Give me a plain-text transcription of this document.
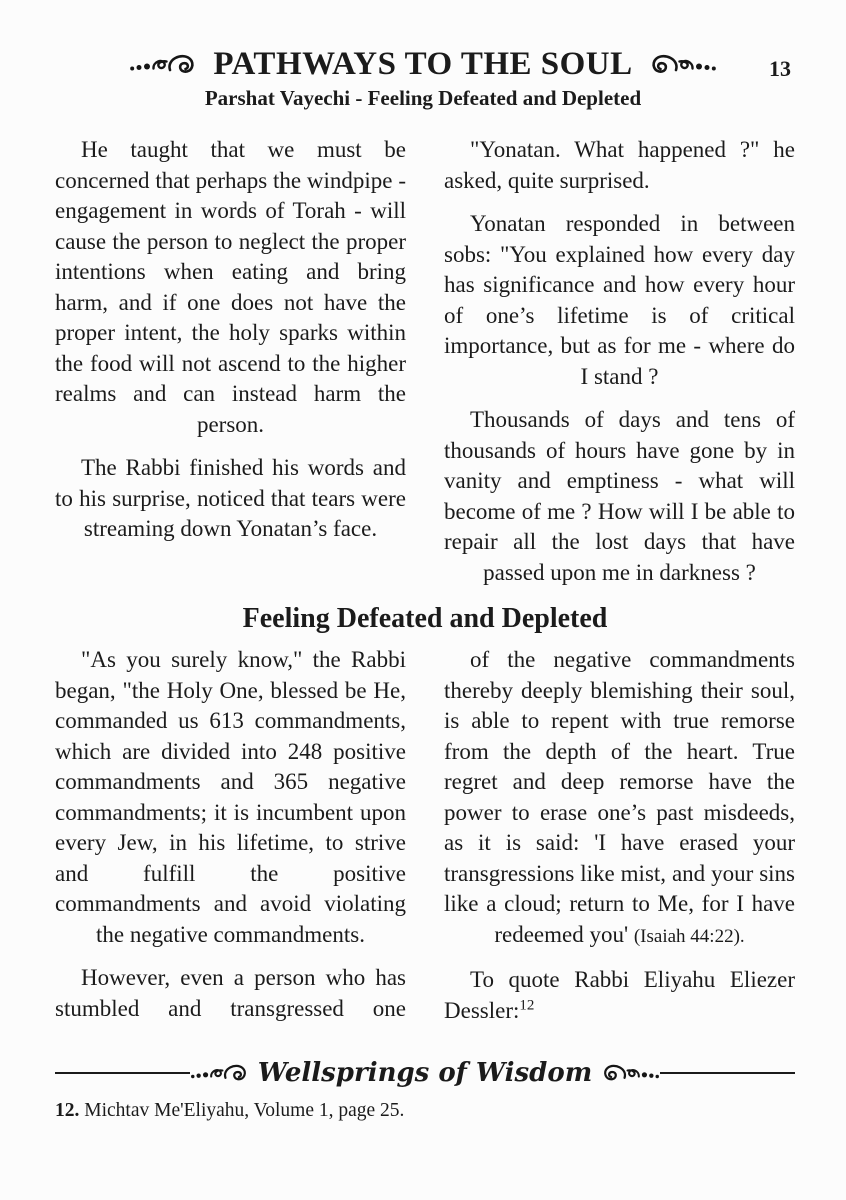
13
PATHWAYS TO THE SOUL
Parshat Vayechi - Feeling Defeated and Depleted

He taught that we must be concerned that perhaps the windpipe - engagement in words of Torah - will cause the person to neglect the proper intentions when eating and bring harm, and if one does not have the proper intent, the holy sparks within the food will not ascend to the higher realms and can instead harm the person.

The Rabbi finished his words and to his surprise, noticed that tears were streaming down Yonatan’s face.

"Yonatan. What happened ?" he asked, quite surprised.

Yonatan responded in between sobs: "You explained how every day has significance and how every hour of one’s lifetime is of critical importance, but as for me - where do I stand ?

Thousands of days and tens of thousands of hours have gone by in vanity and emptiness - what will become of me ? How will I be able to repair all the lost days that have passed upon me in darkness ?

Feeling Defeated and Depleted

"As you surely know," the Rabbi began, "the Holy One, blessed be He, commanded us 613 commandments, which are divided into 248 positive commandments and 365 negative commandments; it is incumbent upon every Jew, in his lifetime, to strive and fulfill the positive commandments and avoid violating the negative commandments.

However, even a person who has stumbled and transgressed one

of the negative commandments thereby deeply blemishing their soul, is able to repent with true remorse from the depth of the heart. True regret and deep remorse have the power to erase one’s past misdeeds, as it is said: 'I have erased your transgressions like mist, and your sins like a cloud; return to Me, for I have redeemed you' (Isaiah 44:22).

To quote Rabbi Eliyahu Eliezer Dessler:$^{12}$

Wellsprings of Wisdom
12. Michtav Me'Eliyahu, Volume 1, page 25.
